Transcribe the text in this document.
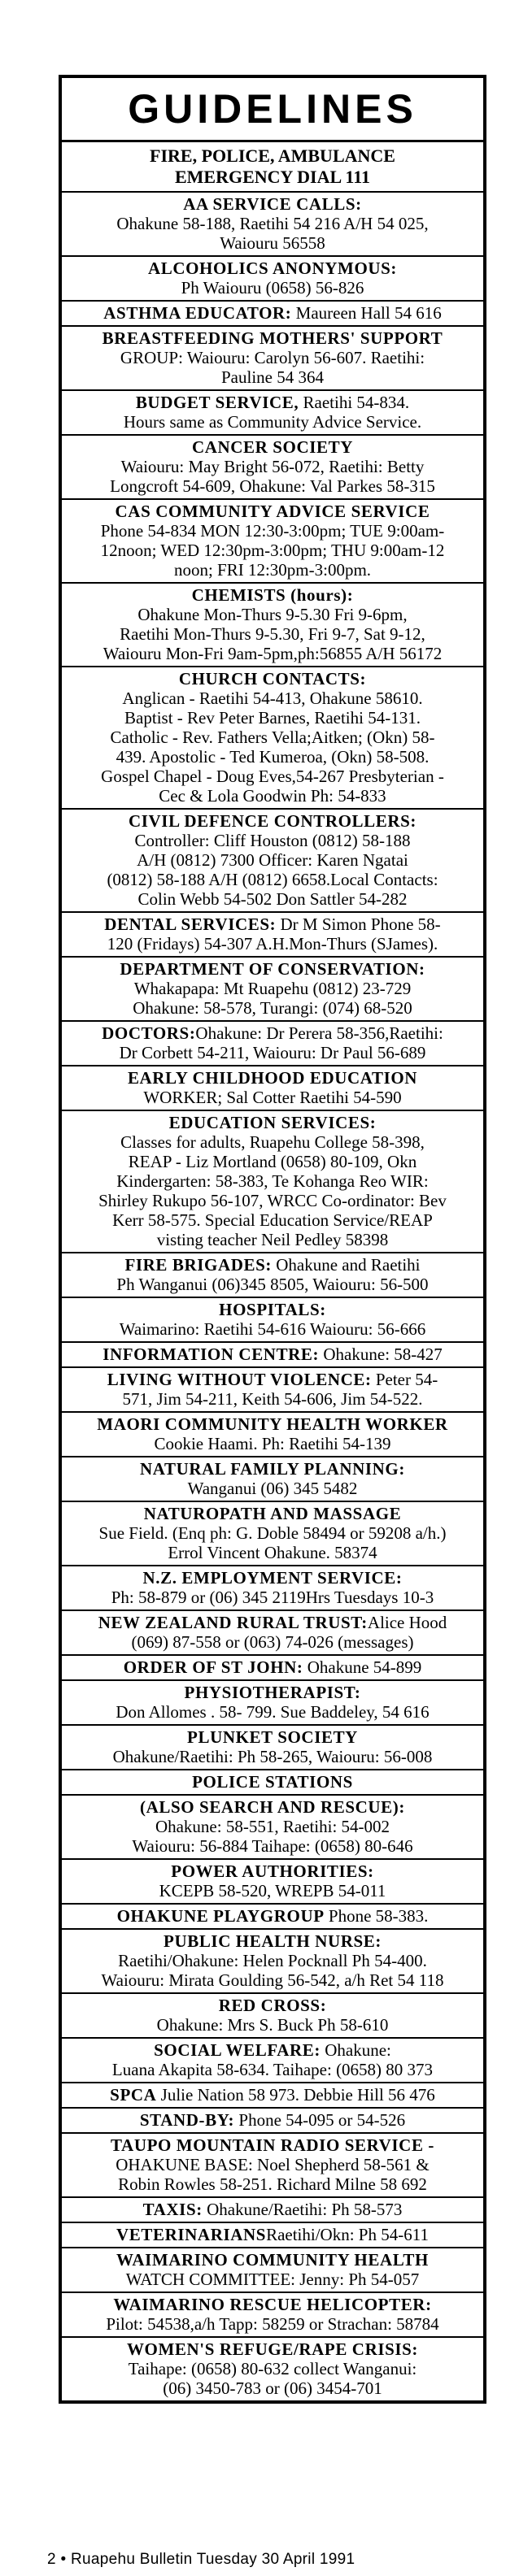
GUIDELINES
FIRE, POLICE, AMBULANCE
EMERGENCY DIAL 111
AA SERVICE CALLS:
Ohakune 58-188, Raetihi 54 216 A/H 54 025,
Waiouru 56558
ALCOHOLICS ANONYMOUS:
Ph Waiouru (0658) 56-826
ASTHMA EDUCATOR: Maureen Hall 54 616
BREASTFEEDING MOTHERS' SUPPORT
GROUP: Waiouru: Carolyn 56-607. Raetihi:
Pauline 54 364
BUDGET SERVICE, Raetihi 54-834.
Hours same as Community Advice Service.
CANCER SOCIETY
Waiouru: May Bright 56-072, Raetihi: Betty
Longcroft 54-609, Ohakune: Val Parkes 58-315
CAS COMMUNITY ADVICE SERVICE
Phone 54-834 MON 12:30-3:00pm; TUE 9:00am-
12noon; WED 12:30pm-3:00pm; THU 9:00am-12
noon; FRI 12:30pm-3:00pm.
CHEMISTS (hours):
Ohakune Mon-Thurs 9-5.30 Fri 9-6pm,
Raetihi Mon-Thurs 9-5.30, Fri 9-7, Sat 9-12,
Waiouru Mon-Fri 9am-5pm,ph:56855 A/H 56172
CHURCH CONTACTS:
Anglican - Raetihi 54-413, Ohakune 58610.
Baptist - Rev Peter Barnes, Raetihi 54-131.
Catholic - Rev. Fathers Vella;Aitken; (Okn) 58-
439. Apostolic - Ted Kumeroa, (Okn) 58-508.
Gospel Chapel - Doug Eves,54-267 Presbyterian -
Cec & Lola Goodwin Ph: 54-833
CIVIL DEFENCE CONTROLLERS:
Controller: Cliff Houston (0812) 58-188
A/H (0812) 7300 Officer: Karen Ngatai
(0812) 58-188 A/H (0812) 6658.Local Contacts:
Colin Webb 54-502 Don Sattler 54-282
DENTAL SERVICES: Dr M Simon Phone 58-
120 (Fridays) 54-307 A.H.Mon-Thurs (SJames).
DEPARTMENT OF CONSERVATION:
Whakapapa: Mt Ruapehu (0812) 23-729
Ohakune: 58-578, Turangi: (074) 68-520
DOCTORS:Ohakune: Dr Perera 58-356,Raetihi:
Dr Corbett 54-211, Waiouru: Dr Paul 56-689
EARLY CHILDHOOD EDUCATION
WORKER; Sal Cotter Raetihi 54-590
EDUCATION SERVICES:
Classes for adults, Ruapehu College 58-398,
REAP - Liz Mortland (0658) 80-109, Okn
Kindergarten: 58-383, Te Kohanga Reo WIR:
Shirley Rukupo 56-107, WRCC Co-ordinator: Bev
Kerr 58-575. Special Education Service/REAP
visting teacher Neil Pedley 58398
FIRE BRIGADES: Ohakune and Raetihi
Ph Wanganui (06)345 8505, Waiouru: 56-500
HOSPITALS:
Waimarino: Raetihi 54-616 Waiouru: 56-666
INFORMATION CENTRE: Ohakune: 58-427
LIVING WITHOUT VIOLENCE: Peter 54-
571, Jim 54-211, Keith 54-606, Jim 54-522.
MAORI COMMUNITY HEALTH WORKER
Cookie Haami. Ph: Raetihi 54-139
NATURAL FAMILY PLANNING:
Wanganui (06) 345 5482
NATUROPATH AND MASSAGE
Sue Field. (Enq ph: G. Doble 58494 or 59208 a/h.)
Errol Vincent Ohakune. 58374
N.Z. EMPLOYMENT SERVICE:
Ph: 58-879 or (06) 345 2119Hrs Tuesdays 10-3
NEW ZEALAND RURAL TRUST:Alice Hood
(069) 87-558 or (063) 74-026 (messages)
ORDER OF ST JOHN: Ohakune 54-899
PHYSIOTHERAPIST:
Don Allomes . 58- 799. Sue Baddeley, 54 616
PLUNKET SOCIETY
Ohakune/Raetihi: Ph 58-265, Waiouru: 56-008
POLICE STATIONS
(ALSO SEARCH AND RESCUE):
Ohakune: 58-551, Raetihi: 54-002
Waiouru: 56-884 Taihape: (0658) 80-646
POWER AUTHORITIES:
KCEPB 58-520, WREPB 54-011
OHAKUNE PLAYGROUP Phone 58-383.
PUBLIC HEALTH NURSE:
Raetihi/Ohakune: Helen Pocknall Ph 54-400.
Waiouru: Mirata Goulding 56-542, a/h Ret 54 118
RED CROSS:
Ohakune: Mrs S. Buck Ph 58-610
SOCIAL WELFARE: Ohakune:
Luana Akapita 58-634. Taihape: (0658) 80 373
SPCA Julie Nation 58 973. Debbie Hill 56 476
STAND-BY: Phone 54-095 or 54-526
TAUPO MOUNTAIN RADIO SERVICE -
OHAKUNE BASE: Noel Shepherd 58-561 &
Robin Rowles 58-251. Richard Milne 58 692
TAXIS: Ohakune/Raetihi: Ph 58-573
VETERINARIANSRaetihi/Okn: Ph 54-611
WAIMARINO COMMUNITY HEALTH
WATCH COMMITTEE: Jenny: Ph 54-057
WAIMARINO RESCUE HELICOPTER:
Pilot: 54538,a/h Tapp: 58259 or Strachan: 58784
WOMEN'S REFUGE/RAPE CRISIS:
Taihape: (0658) 80-632 collect Wanganui:
(06) 3450-783 or (06) 3454-701
2 • Ruapehu Bulletin Tuesday 30 April 1991
